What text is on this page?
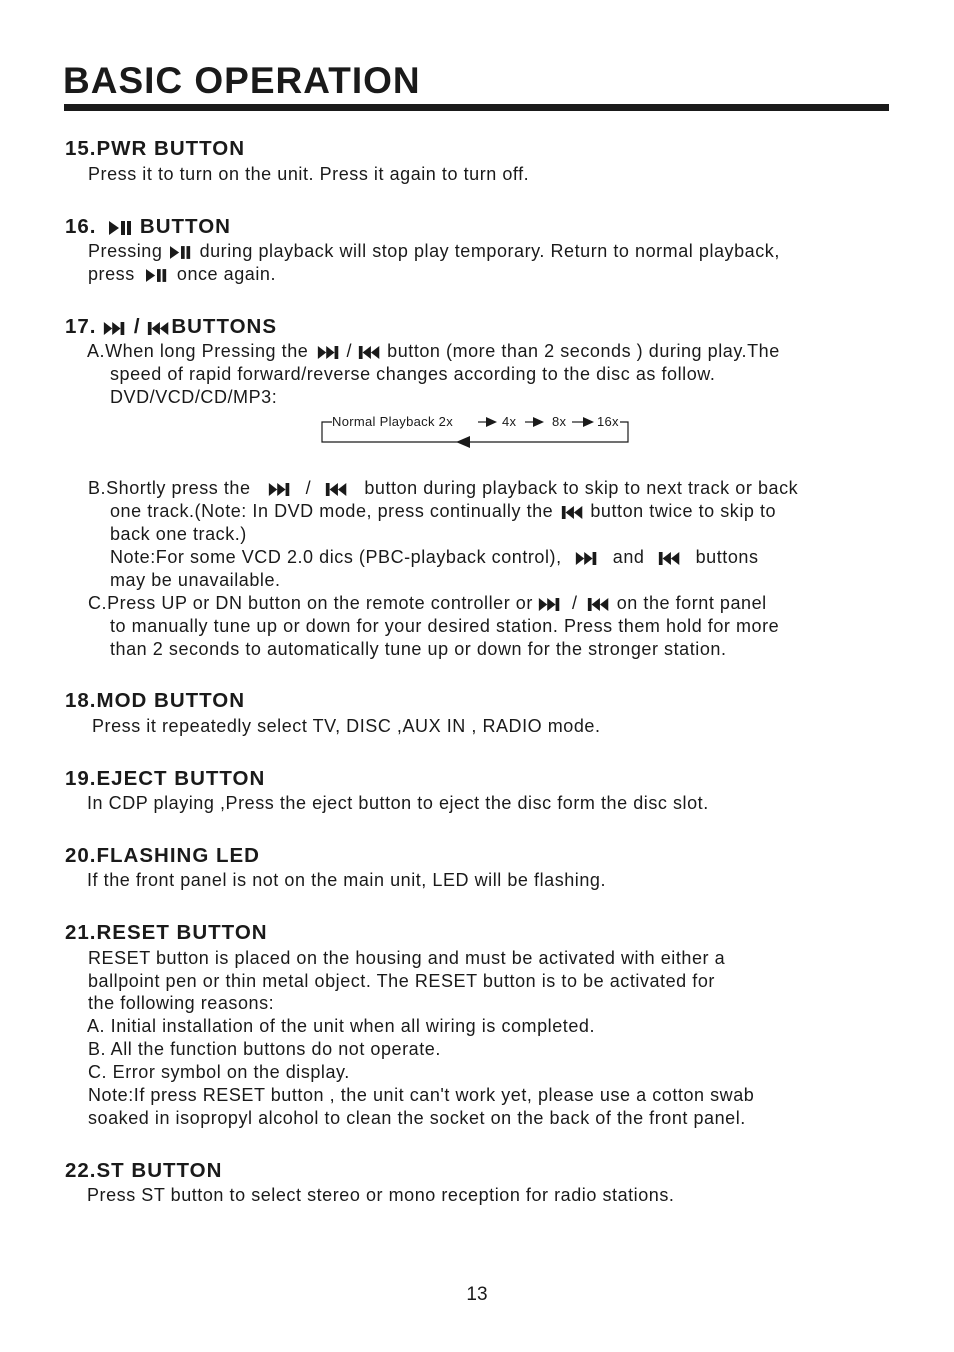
BASIC OPERATION
15.PWR BUTTON
Press it to turn on the unit. Press it again to turn off.
16. BUTTON
Pressing during playback will stop play temporary. Return to normal playback,
press once again.
17. / BUTTONS
A.When long Pressing the / button (more than 2 seconds ) during play.The
speed of rapid forward/reverse changes according to the disc as follow.
DVD/VCD/CD/MP3:
Normal Playback 2x	4x	8x 16x
B.Shortly press the	/	button during playback to skip to next track or back
one track.(Note: In DVD mode, press continually the button twice to skip to
back one track.)
Note:For some VCD 2.0 dics (PBC-playback control),	and	buttons
may be unavailable.
C.Press UP or DN button on the remote controller or / on the fornt panel
to manually tune up or down for your desired station. Press them hold for more
than 2 seconds to automatically tune up or down for the stronger station.
18.MOD BUTTON
Press it repeatedly select TV, DISC ,AUX IN , RADIO mode.
19.EJECT BUTTON
In CDP playing ,Press the eject button to eject the disc form the disc slot.
20.FLASHING LED
If the front panel is not on the main unit, LED will be flashing.
21.RESET BUTTON
RESET button is placed on the housing and must be activated with either a
ballpoint pen or thin metal object. The RESET button is to be activated for
the following reasons:
A. Initial installation of the unit when all wiring is completed.
B. All the function buttons do not operate.
C. Error symbol on the display.
Note:If press RESET button , the unit can't work yet, please use a cotton swab
soaked in isopropyl alcohol to clean the socket on the back of the front panel.
22.ST BUTTON
Press ST button to select stereo or mono reception for radio stations.
13
